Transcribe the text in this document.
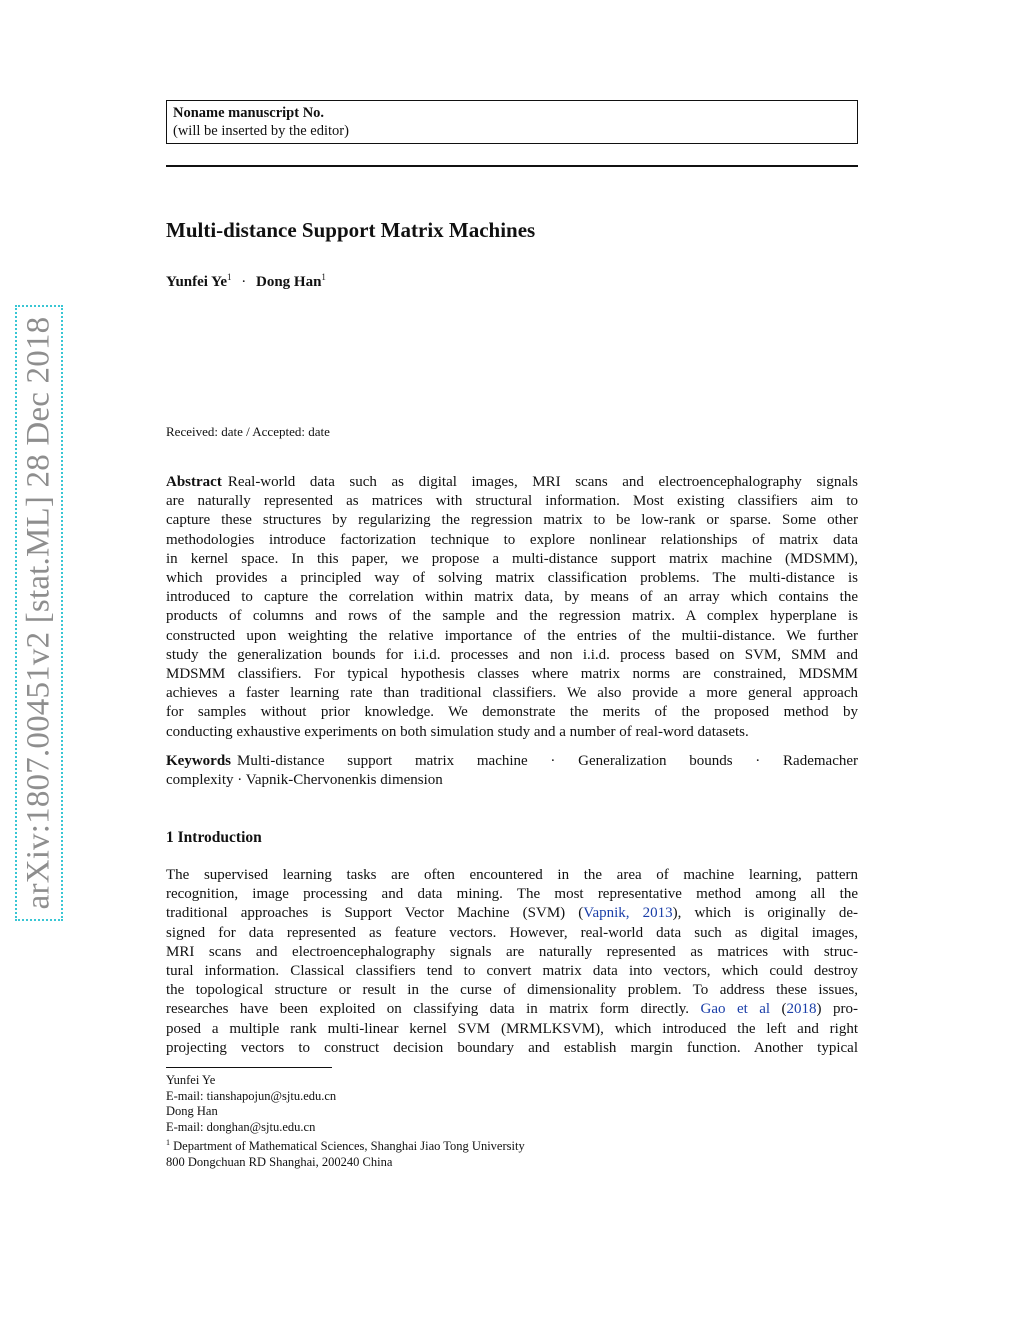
arXiv:1807.00451v2 [stat.ML] 28 Dec 2018
Noname manuscript No.
(will be inserted by the editor)
Multi-distance Support Matrix Machines
Yunfei $Ye^1$ · Dong Han$^1$
Received: date / Accepted: date
Abstract Real-world data such as digital images, MRI scans and electroencephalography signals
are naturally represented as matrices with structural information. Most existing classifiers aim to
capture these structures by regularizing the regression matrix to be low-rank or sparse. Some other
methodologies introduce factorization technique to explore nonlinear relationships of matrix data
in kernel space. In this paper, we propose a multi-distance support matrix machine (MDSMM),
which provides a principled way of solving matrix classification problems. The multi-distance is
introduced to capture the correlation within matrix data, by means of an array which contains the
products of columns and rows of the sample and the regression matrix. A complex hyperplane is
constructed upon weighting the relative importance of the entries of the multii-distance. We further
study the generalization bounds for i.i.d. processes and non i.i.d. process based on SVM, SMM and
MDSMM classifiers. For typical hypothesis classes where matrix norms are constrained, MDSMM
achieves a faster learning rate than traditional classifiers. We also provide a more general approach
for samples without prior knowledge. We demonstrate the merits of the proposed method by
conducting exhaustive experiments on both simulation study and a number of real-word datasets.
Keywords Multi-distance support matrix machine · Generalization bounds · Rademacher
complexity · Vapnik-Chervonenkis dimension
1 Introduction
The supervised learning tasks are often encountered in the area of machine learning, pattern
recognition, image processing and data mining. The most representative method among all the
traditional approaches is Support Vector Machine (SVM) (Vapnik, 2013), which is originally de-
signed for data represented as feature vectors. However, real-world data such as digital images,
MRI scans and electroencephalography signals are naturally represented as matrices with struc-
tural information. Classical classifiers tend to convert matrix data into vectors, which could destroy
the topological structure or result in the curse of dimensionality problem. To address these issues,
researches have been exploited on classifying data in matrix form directly. Gao et al (2018) pro-
posed a multiple rank multi-linear kernel SVM (MRMLKSVM), which introduced the left and right
projecting vectors to construct decision boundary and establish margin function. Another typical
Yunfei Ye
E-mail: tianshapojun@sjtu.edu.cn
Dong Han
E-mail: donghan@sjtu.edu.cn
$^1$ Department of Mathematical Sciences, Shanghai Jiao Tong University
800 Dongchuan RD Shanghai, 200240 China
